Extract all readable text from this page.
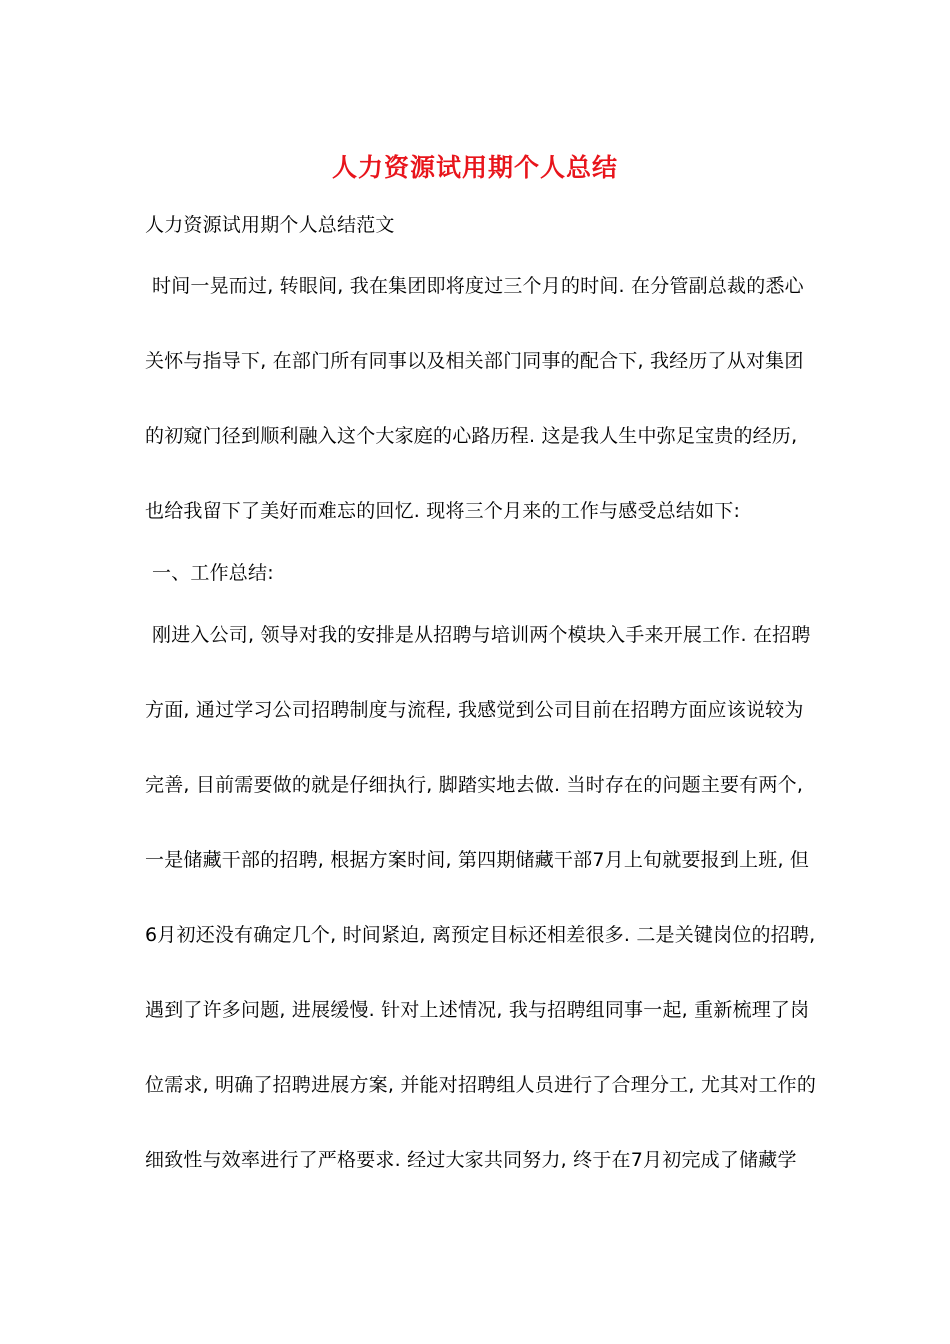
人力资源试用期个人总结
人力资源试用期个人总结范文
时间一晃而过, 转眼间, 我在集团即将度过三个月的时间. 在分管副总裁的悉心
关怀与指导下, 在部门所有同事以及相关部门同事的配合下, 我经历了从对集团
的初窥门径到顺利融入这个大家庭的心路历程. 这是我人生中弥足宝贵的经历,
也给我留下了美好而难忘的回忆. 现将三个月来的工作与感受总结如下:
一、工作总结:
刚进入公司, 领导对我的安排是从招聘与培训两个模块入手来开展工作. 在招聘
方面, 通过学习公司招聘制度与流程, 我感觉到公司目前在招聘方面应该说较为
完善, 目前需要做的就是仔细执行, 脚踏实地去做. 当时存在的问题主要有两个,
一是储藏干部的招聘, 根据方案时间, 第四期储藏干部7月上旬就要报到上班, 但
6月初还没有确定几个, 时间紧迫, 离预定目标还相差很多. 二是关键岗位的招聘,
遇到了许多问题, 进展缓慢. 针对上述情况, 我与招聘组同事一起, 重新梳理了岗
位需求, 明确了招聘进展方案, 并能对招聘组人员进行了合理分工, 尤其对工作的
细致性与效率进行了严格要求. 经过大家共同努力, 终于在7月初完成了储藏学
